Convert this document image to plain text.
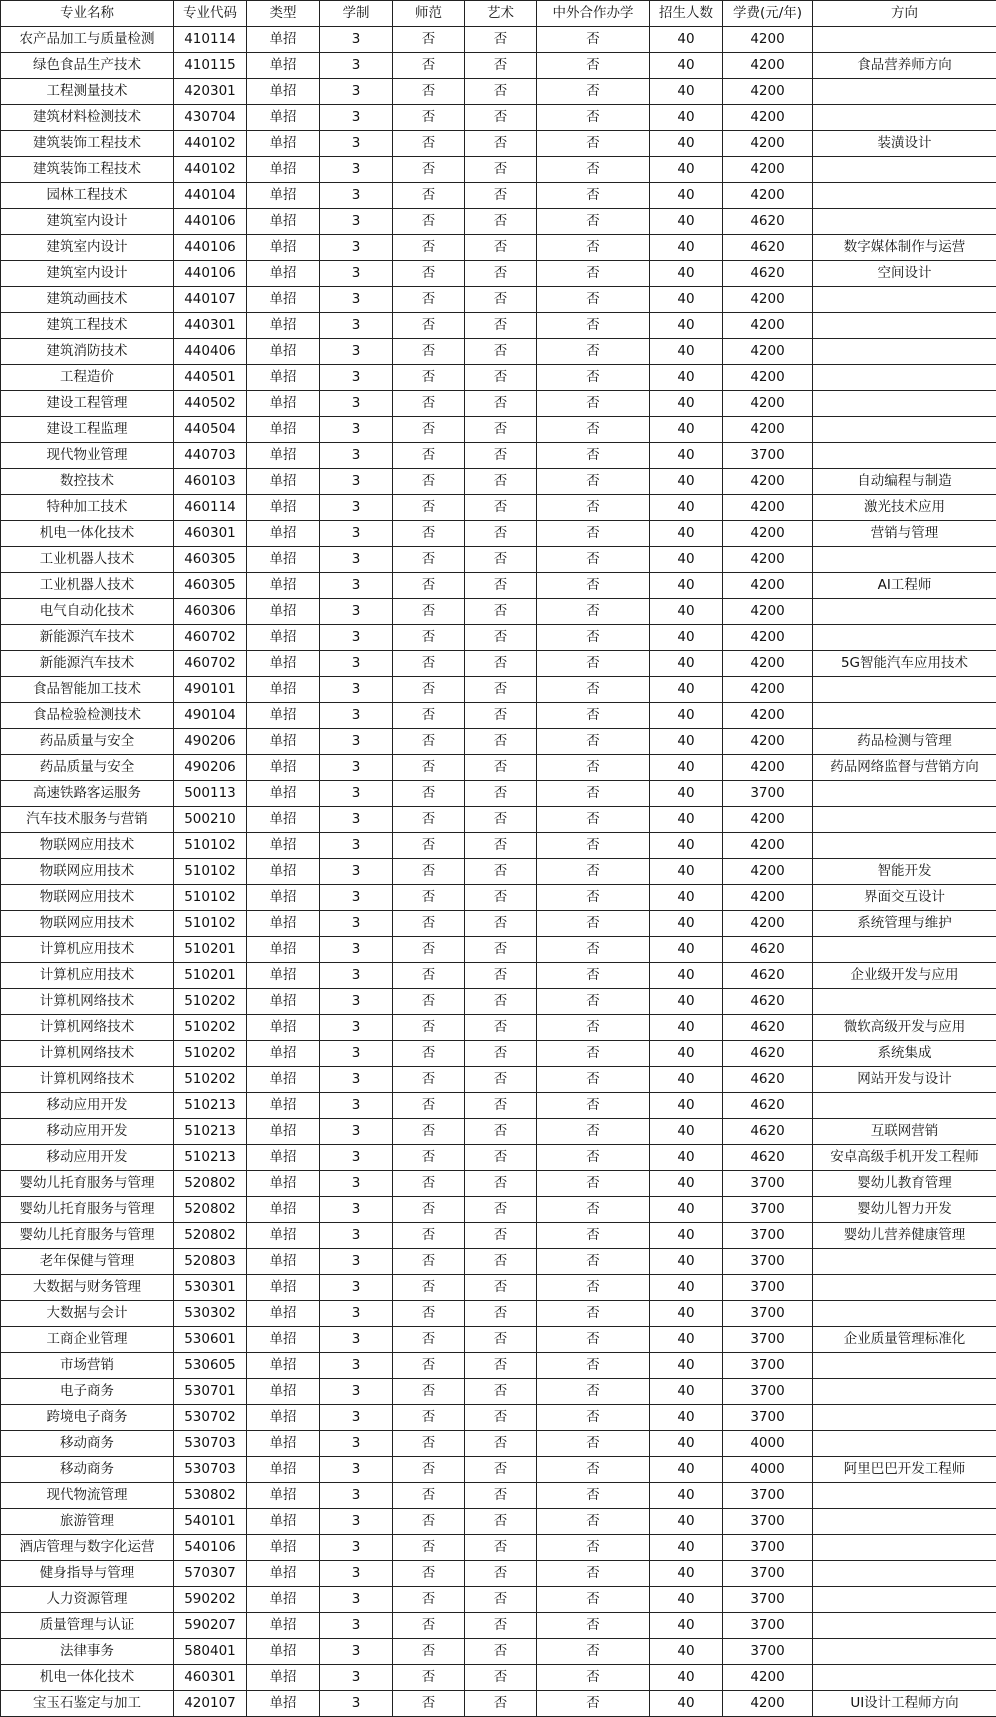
专业名称	专业代码	类型	学制	师范	艺术	中外合作办学	招生人数	学费(元/年)	方向
农产品加工与质量检测	410114	单招	3	否	否	否	40	4200	
绿色食品生产技术	410115	单招	3	否	否	否	40	4200	食品营养师方向
工程测量技术	420301	单招	3	否	否	否	40	4200	
建筑材料检测技术	430704	单招	3	否	否	否	40	4200	
建筑装饰工程技术	440102	单招	3	否	否	否	40	4200	装潢设计
建筑装饰工程技术	440102	单招	3	否	否	否	40	4200	
园林工程技术	440104	单招	3	否	否	否	40	4200	
建筑室内设计	440106	单招	3	否	否	否	40	4620	
建筑室内设计	440106	单招	3	否	否	否	40	4620	数字媒体制作与运营
建筑室内设计	440106	单招	3	否	否	否	40	4620	空间设计
建筑动画技术	440107	单招	3	否	否	否	40	4200	
建筑工程技术	440301	单招	3	否	否	否	40	4200	
建筑消防技术	440406	单招	3	否	否	否	40	4200	
工程造价	440501	单招	3	否	否	否	40	4200	
建设工程管理	440502	单招	3	否	否	否	40	4200	
建设工程监理	440504	单招	3	否	否	否	40	4200	
现代物业管理	440703	单招	3	否	否	否	40	3700	
数控技术	460103	单招	3	否	否	否	40	4200	自动编程与制造
特种加工技术	460114	单招	3	否	否	否	40	4200	激光技术应用
机电一体化技术	460301	单招	3	否	否	否	40	4200	营销与管理
工业机器人技术	460305	单招	3	否	否	否	40	4200	
工业机器人技术	460305	单招	3	否	否	否	40	4200	AI工程师
电气自动化技术	460306	单招	3	否	否	否	40	4200	
新能源汽车技术	460702	单招	3	否	否	否	40	4200	
新能源汽车技术	460702	单招	3	否	否	否	40	4200	5G智能汽车应用技术
食品智能加工技术	490101	单招	3	否	否	否	40	4200	
食品检验检测技术	490104	单招	3	否	否	否	40	4200	
药品质量与安全	490206	单招	3	否	否	否	40	4200	药品检测与管理
药品质量与安全	490206	单招	3	否	否	否	40	4200	药品网络监督与营销方向
高速铁路客运服务	500113	单招	3	否	否	否	40	3700	
汽车技术服务与营销	500210	单招	3	否	否	否	40	4200	
物联网应用技术	510102	单招	3	否	否	否	40	4200	
物联网应用技术	510102	单招	3	否	否	否	40	4200	智能开发
物联网应用技术	510102	单招	3	否	否	否	40	4200	界面交互设计
物联网应用技术	510102	单招	3	否	否	否	40	4200	系统管理与维护
计算机应用技术	510201	单招	3	否	否	否	40	4620	
计算机应用技术	510201	单招	3	否	否	否	40	4620	企业级开发与应用
计算机网络技术	510202	单招	3	否	否	否	40	4620	
计算机网络技术	510202	单招	3	否	否	否	40	4620	微软高级开发与应用
计算机网络技术	510202	单招	3	否	否	否	40	4620	系统集成
计算机网络技术	510202	单招	3	否	否	否	40	4620	网站开发与设计
移动应用开发	510213	单招	3	否	否	否	40	4620	
移动应用开发	510213	单招	3	否	否	否	40	4620	互联网营销
移动应用开发	510213	单招	3	否	否	否	40	4620	安卓高级手机开发工程师
婴幼儿托育服务与管理	520802	单招	3	否	否	否	40	3700	婴幼儿教育管理
婴幼儿托育服务与管理	520802	单招	3	否	否	否	40	3700	婴幼儿智力开发
婴幼儿托育服务与管理	520802	单招	3	否	否	否	40	3700	婴幼儿营养健康管理
老年保健与管理	520803	单招	3	否	否	否	40	3700	
大数据与财务管理	530301	单招	3	否	否	否	40	3700	
大数据与会计	530302	单招	3	否	否	否	40	3700	
工商企业管理	530601	单招	3	否	否	否	40	3700	企业质量管理标准化
市场营销	530605	单招	3	否	否	否	40	3700	
电子商务	530701	单招	3	否	否	否	40	3700	
跨境电子商务	530702	单招	3	否	否	否	40	3700	
移动商务	530703	单招	3	否	否	否	40	4000	
移动商务	530703	单招	3	否	否	否	40	4000	阿里巴巴开发工程师
现代物流管理	530802	单招	3	否	否	否	40	3700	
旅游管理	540101	单招	3	否	否	否	40	3700	
酒店管理与数字化运营	540106	单招	3	否	否	否	40	3700	
健身指导与管理	570307	单招	3	否	否	否	40	3700	
人力资源管理	590202	单招	3	否	否	否	40	3700	
质量管理与认证	590207	单招	3	否	否	否	40	3700	
法律事务	580401	单招	3	否	否	否	40	3700	
机电一体化技术	460301	单招	3	否	否	否	40	4200	
宝玉石鉴定与加工	420107	单招	3	否	否	否	40	4200	UI设计工程师方向
